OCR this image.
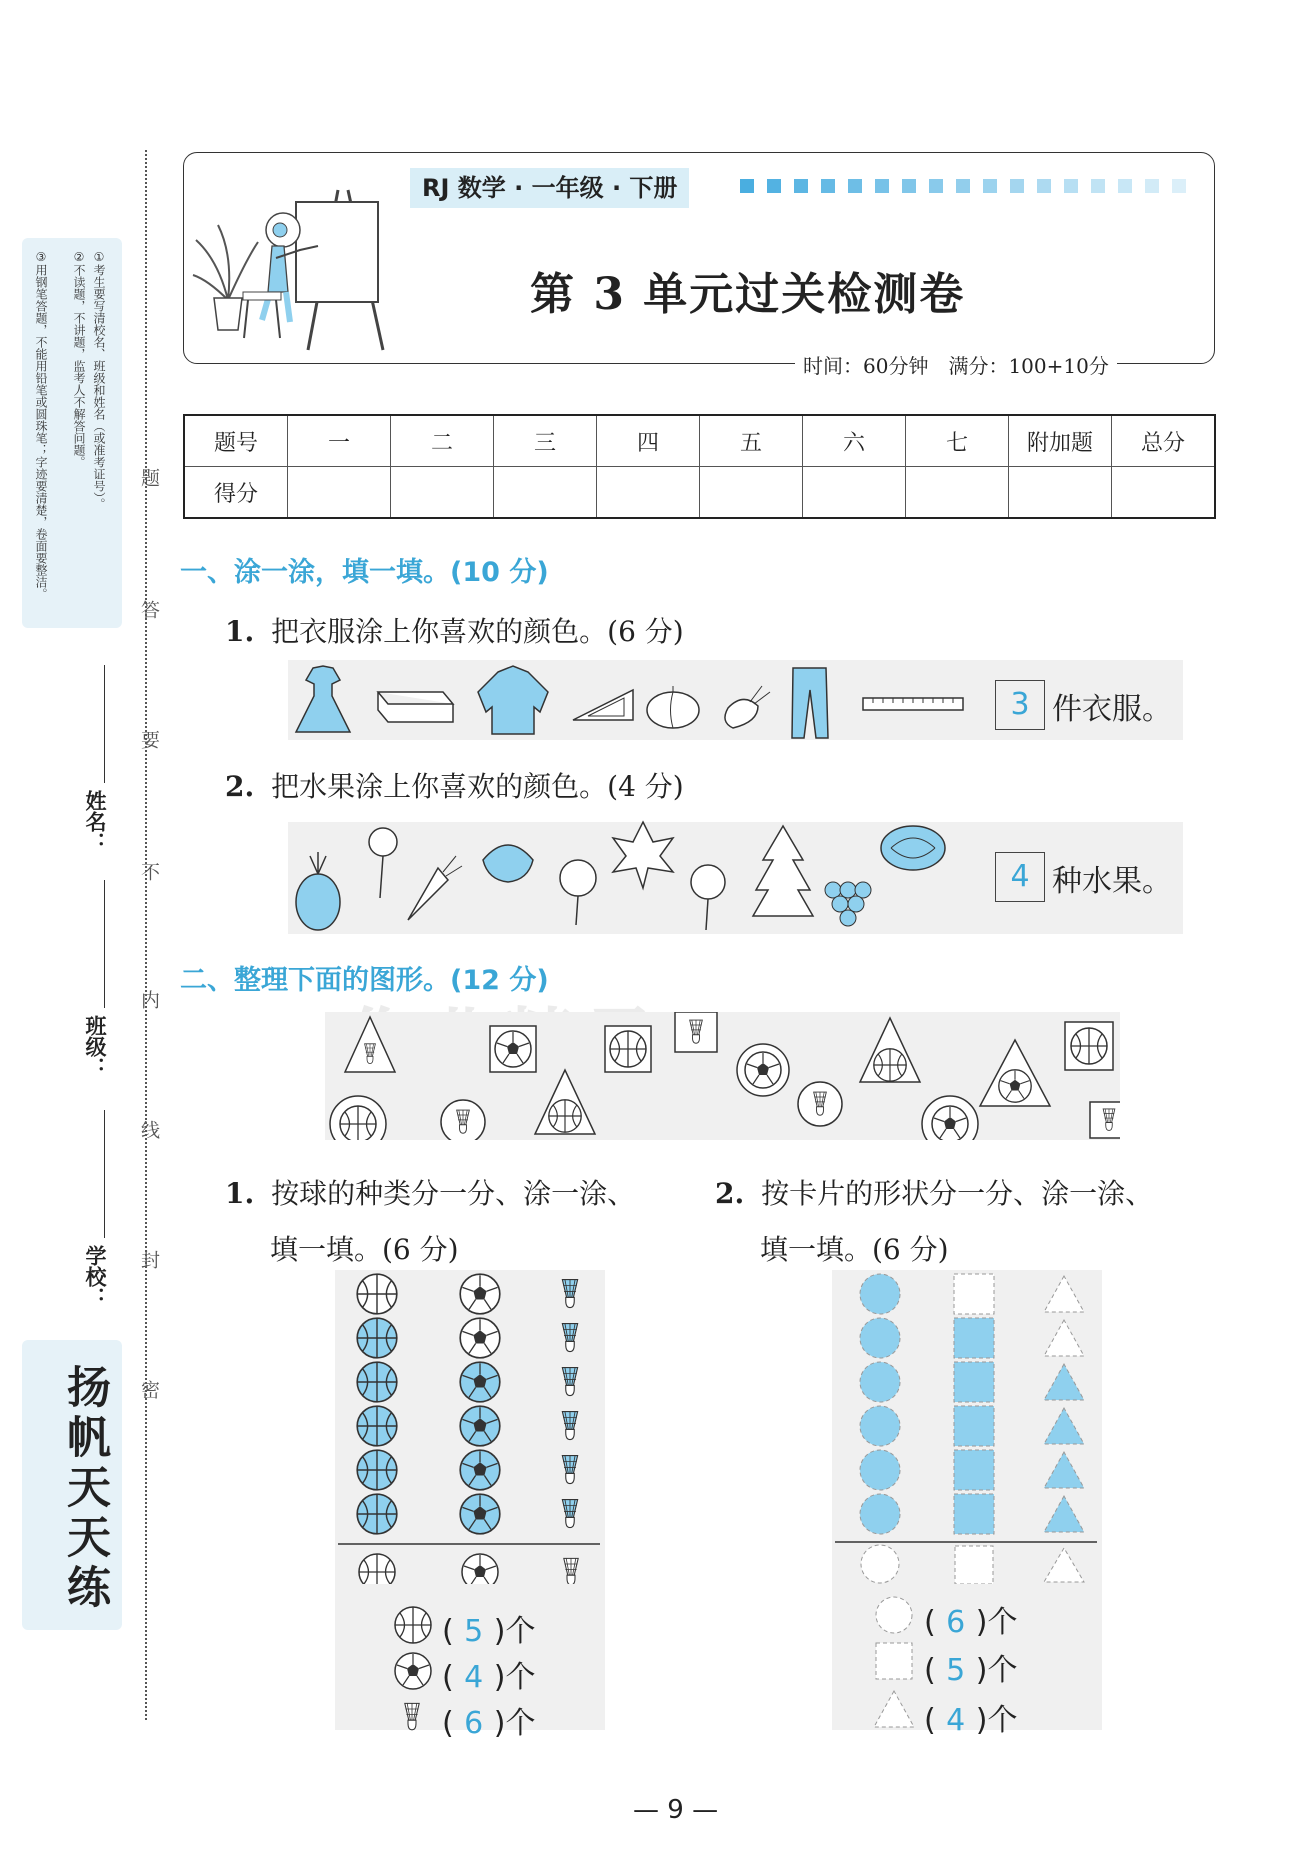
①考生要写清校名、班级和姓名（或准考证号）。
②不读题，不讲题，监考人不解答问题。
③用钢笔答题，不能用铅笔或圆珠笔；字迹要清楚，卷面要整洁。	题
答
要
不
内
线
封
密
姓名：
班级：
学校：
扬帆天天练
RJ 数学 · 一年级 · 下册
第 3 单元过关检测卷
时间：60分钟　满分：100+10分
题号	一	二	三	四	五	六	七	附加题	总分
得分									
一、涂一涂，填一填。(10 分)
1. 把衣服涂上你喜欢的颜色。(6 分)
3 件衣服。
2. 把水果涂上你喜欢的颜色。(4 分)
4 种水果。
二、整理下面的图形。(12 分)
1. 按球的种类分一分、涂一涂、
填一填。(6 分)
2. 按卡片的形状分一分、涂一涂、
填一填。(6 分)
( 5 )个
( 4 )个
( 6 )个
( 6 )个
( 5 )个
( 4 )个
— 9 —
